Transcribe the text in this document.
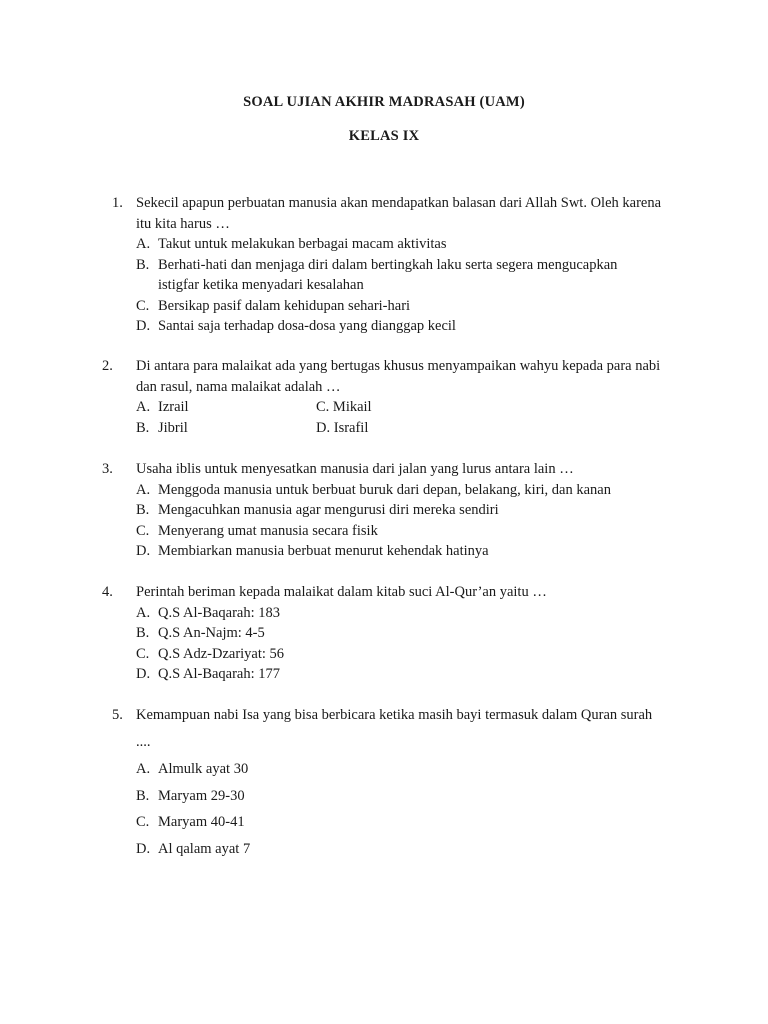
SOAL UJIAN AKHIR MADRASAH (UAM)
KELAS IX
1. Sekecil apapun perbuatan manusia akan mendapatkan balasan dari Allah Swt. Oleh karena itu kita harus …
A. Takut untuk melakukan berbagai macam aktivitas
B. Berhati-hati dan menjaga diri dalam bertingkah laku serta segera mengucapkan istigfar ketika menyadari kesalahan
C. Bersikap pasif dalam kehidupan sehari-hari
D. Santai saja terhadap dosa-dosa yang dianggap kecil
2.	Di antara para malaikat ada yang bertugas khusus menyampaikan wahyu kepada para nabi dan rasul, nama malaikat adalah …
A. Izrail	C. Mikail
B. Jibril	D. Israfil
3.	Usaha iblis untuk menyesatkan manusia dari jalan yang lurus antara lain …
A. Menggoda manusia untuk berbuat buruk dari depan, belakang, kiri, dan kanan
B. Mengacuhkan manusia agar mengurusi diri mereka sendiri
C. Menyerang umat manusia secara fisik
D. Membiarkan manusia berbuat menurut kehendak hatinya
4.	Perintah beriman kepada malaikat dalam kitab suci Al-Qur’an yaitu …
A. Q.S Al-Baqarah: 183
B. Q.S An-Najm: 4-5
C. Q.S Adz-Dzariyat: 56
D. Q.S Al-Baqarah: 177
5. Kemampuan nabi Isa yang bisa berbicara ketika masih bayi termasuk dalam Quran surah ....
A. Almulk ayat 30
B. Maryam 29-30
C. Maryam 40-41
D. Al qalam ayat 7
